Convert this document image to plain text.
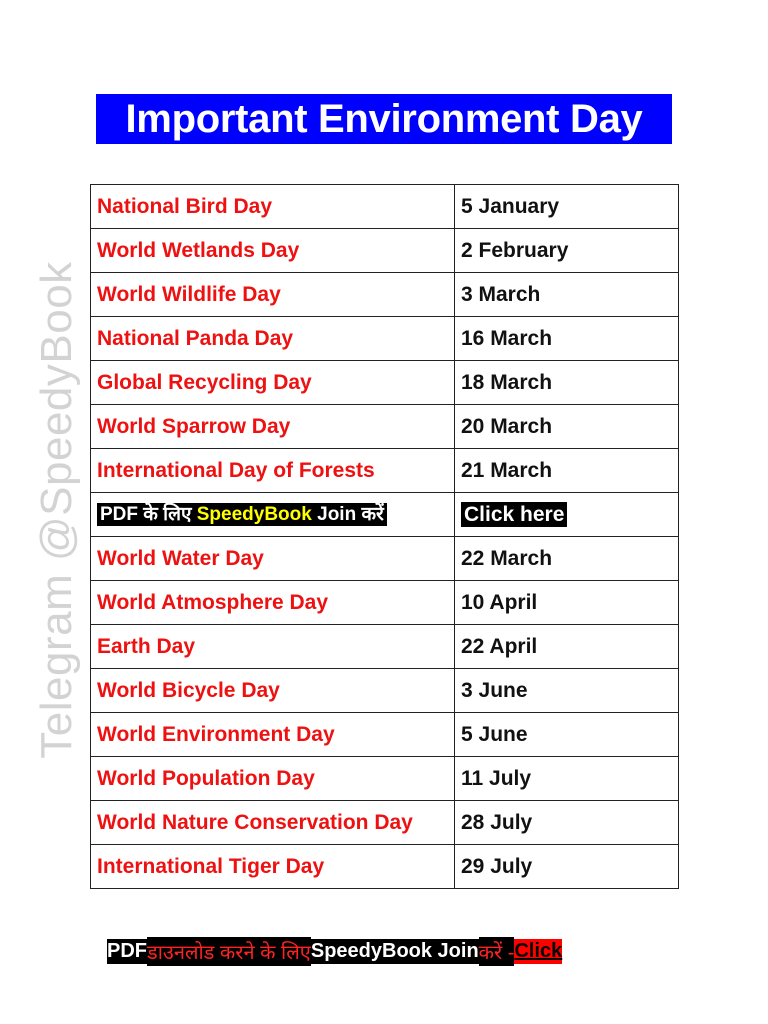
Important Environment Day
Telegram @SpeedyBook
National Bird Day	5 January
World Wetlands Day	2 February
World Wildlife Day	3 March
National Panda Day	16 March
Global Recycling Day	18 March
World Sparrow Day	20 March
International Day of Forests	21 March
PDF के लिए SpeedyBook Join करें	Click here
World Water Day	22 March
World Atmosphere Day	10 April
Earth Day	22 April
World Bicycle Day	3 June
World Environment Day	5 June
World Population Day	11 July
World Nature Conservation Day	28 July
International Tiger Day	29 July
PDF डाउनलोड करने के लिए SpeedyBook Join करें - Click
